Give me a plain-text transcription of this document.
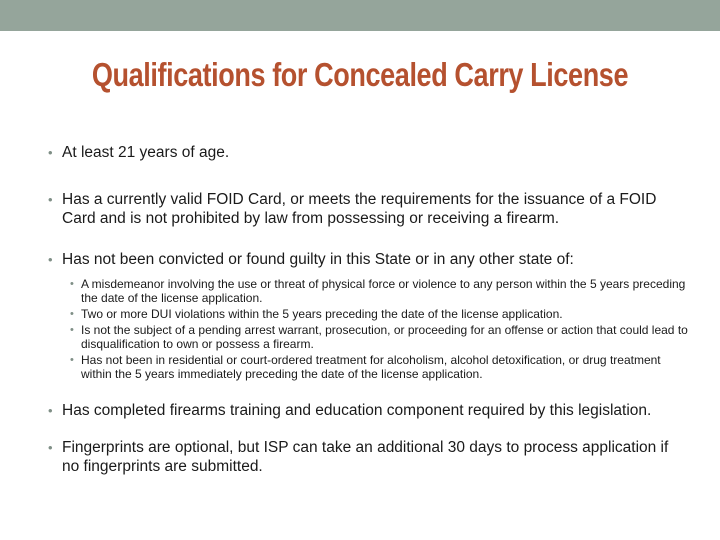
Qualifications for Concealed Carry License
• At least 21 years of age.
• Has a currently valid FOID Card, or meets the requirements for the issuance of a FOID Card and is not prohibited by law from possessing or receiving a firearm.
• Has not been convicted or found guilty in this State or in any other state of:
• A misdemeanor involving the use or threat of physical force or violence to any person within the 5 years preceding the date of the license application.
• Two or more DUI violations within the 5 years preceding the date of the license application.
• Is not the subject of a pending arrest warrant, prosecution, or proceeding for an offense or action that could lead to disqualification to own or possess a firearm.
• Has not been in residential or court-ordered treatment for alcoholism, alcohol detoxification, or drug treatment within the 5 years immediately preceding the date of the license application.
• Has completed firearms training and education component required by this legislation.
• Fingerprints are optional, but ISP can take an additional 30 days to process application if no fingerprints are submitted.
